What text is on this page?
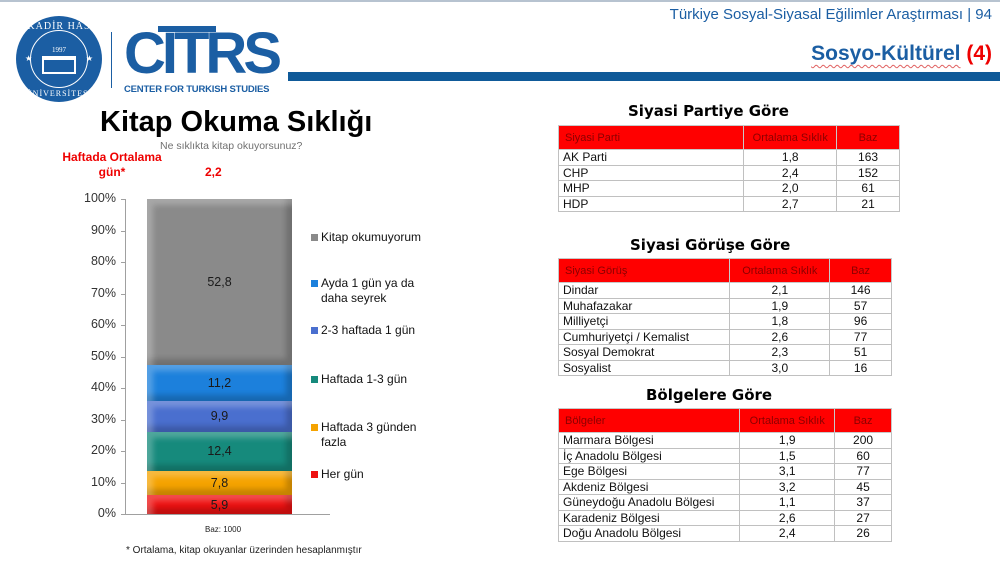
KADİR HAS
1997
★	★
ÜNİVERSİTESİ
CITRS
CENTER FOR TURKISH STUDIES
Türkiye Sosyal-Siyasal Eğilimler Araştırması | 94
Sosyo-Kültürel (4)
Kitap Okuma Sıklığı
Ne sıklıkta kitap okuyorsunuz?
Haftada Ortalama gün*	2,2
0%
10%
20%
30%
40%
50%
60%
70%
80%
90%
100%
5,9
7,8
12,4
9,9
11,2
52,8
Baz: 1000
Kitap okumuyorum
Ayda 1 gün ya da daha seyrek
2-3 haftada 1 gün
Haftada 1-3 gün
Haftada 3 günden fazla
Her gün
* Ortalama, kitap okuyanlar üzerinden hesaplanmıştır
Siyasi Partiye Göre
Siyasi Parti	Ortalama Sıklık	Baz
AK Parti	1,8	163
CHP	2,4	152
MHP	2,0	61
HDP	2,7	21
Siyasi Görüşe Göre
Siyasi Görüş	Ortalama Sıklık	Baz
Dindar	2,1	146
Muhafazakar	1,9	57
Milliyetçi	1,8	96
Cumhuriyetçi / Kemalist	2,6	77
Sosyal Demokrat	2,3	51
Sosyalist	3,0	16
Bölgelere Göre
Bölgeler	Ortalama Sıklık	Baz
Marmara Bölgesi	1,9	200
İç Anadolu Bölgesi	1,5	60
Ege Bölgesi	3,1	77
Akdeniz Bölgesi	3,2	45
Güneydoğu Anadolu Bölgesi	1,1	37
Karadeniz Bölgesi	2,6	27
Doğu Anadolu Bölgesi	2,4	26
